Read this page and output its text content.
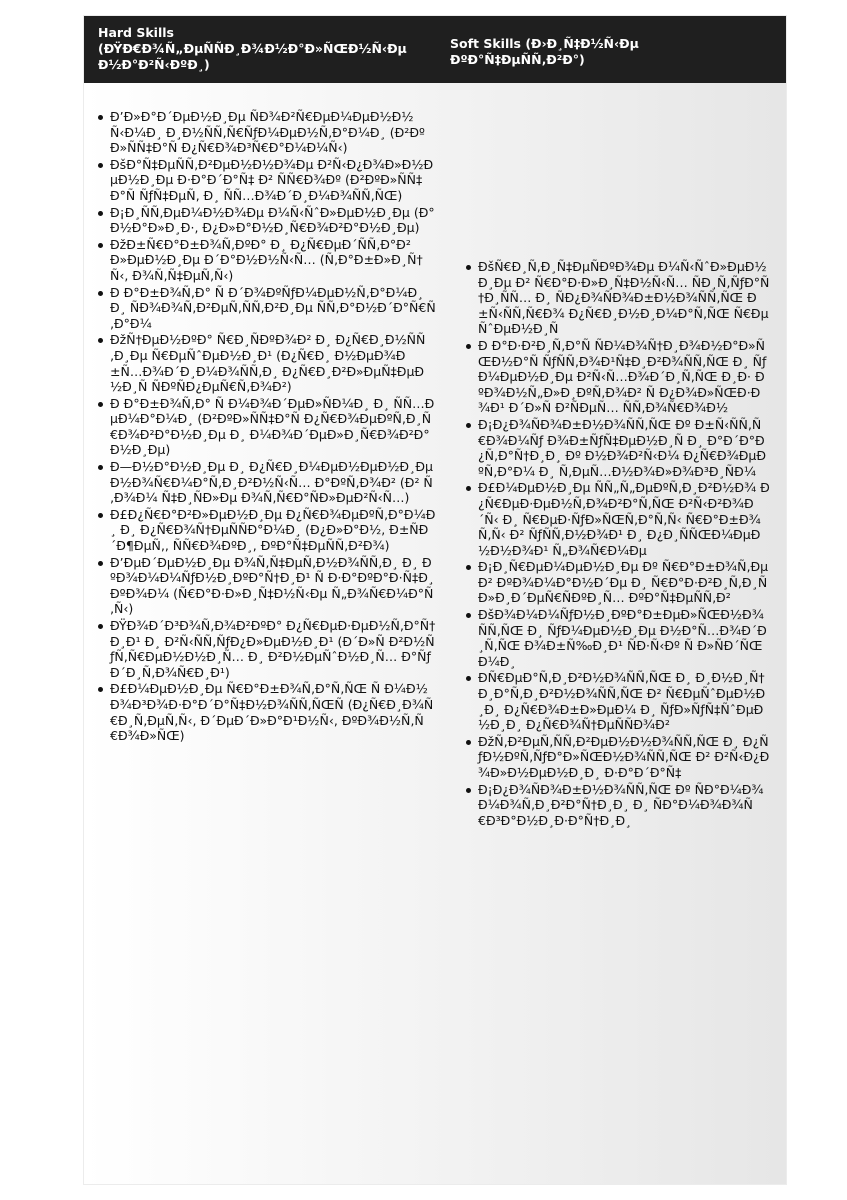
Hard Skills
(ĐŸĐ€Đ¾Ñ„ĐµÑÑĐ¸Đ¾Đ½Đ°Đ»ÑŒĐ½Ñ‹Đµ Đ½Đ°Đ²Ñ‹ĐºĐ¸)
Soft Skills (Đ›Đ¸Ñ‡Đ½Ñ‹Đµ ĐºĐ°Ñ‡ĐµÑÑ‚Đ²Đ°)
Đ’Đ»Đ°Đ´ĐµĐ½Đ¸Đµ ÑĐ¾Đ²Ñ€ĐµĐ¼ĐµĐ½Đ½Ñ‹Đ¼Đ¸ Đ¸Đ½ÑÑ‚Ñ€ÑƒĐ¼ĐµĐ½Ñ‚Đ°Đ¼Đ¸ (Đ²ĐºĐ»ÑÑ‡Đ°Ñ Đ¿Ñ€Đ¾Đ³Ñ€Đ°Đ¼Đ¼Ñ‹)
ĐšĐ°Ñ‡ĐµÑÑ‚Đ²ĐµĐ½Đ½Đ¾Đµ Đ²Ñ‹Đ¿Đ¾Đ»Đ½ĐµĐ½Đ¸Đµ Đ·Đ°Đ´Đ°Ñ‡ Đ² ÑÑ€Đ¾Đº (Đ²ĐºĐ»ÑÑ‡Đ°Ñ ÑƒÑ‡ĐµÑ‚ Đ¸ ÑÑ…Đ¾Đ´Đ¸Đ¼Đ¾ÑÑ‚ÑŒ)
Đ¡Đ¸ÑÑ‚ĐµĐ¼Đ½Đ¾Đµ Đ¼Ñ‹ÑˆĐ»ĐµĐ½Đ¸Đµ (Đ°Đ½Đ°Đ»Đ¸Đ·, Đ¿Đ»Đ°Đ½Đ¸Ñ€Đ¾Đ²Đ°Đ½Đ¸Đµ)
ĐžĐ±Ñ€Đ°Đ±Đ¾Ñ‚ĐºĐ° Đ¸ Đ¿Ñ€ĐµĐ´ÑÑ‚Đ°Đ²Đ»ĐµĐ½Đ¸Đµ Đ´Đ°Đ½Đ½Ñ‹Ñ… (Ñ‚Đ°Đ±Đ»Đ¸Ñ†Ñ‹, Đ¾Ñ‚Ñ‡ĐµÑ‚Ñ‹)
Đ Đ°Đ±Đ¾Ñ‚Đ° Ñ Đ´Đ¾ĐºÑƒĐ¼ĐµĐ½Ñ‚Đ°Đ¼Đ¸ Đ¸ ÑĐ¾Đ¾Ñ‚Đ²ĐµÑ‚ÑÑ‚Đ²Đ¸Đµ ÑÑ‚Đ°Đ½Đ´Đ°Ñ€Ñ‚Đ°Đ¼
ĐžÑ†ĐµĐ½ĐºĐ° Ñ€Đ¸ÑĐºĐ¾Đ² Đ¸ Đ¿Ñ€Đ¸Đ½ÑÑ‚Đ¸Đµ Ñ€ĐµÑˆĐµĐ½Đ¸Đ¹ (Đ¿Ñ€Đ¸ Đ½ĐµĐ¾Đ±Ñ…Đ¾Đ´Đ¸Đ¼Đ¾ÑÑ‚Đ¸ Đ¿Ñ€Đ¸Đ²Đ»ĐµÑ‡ĐµĐ½Đ¸Ñ ÑĐºÑĐ¿ĐµÑ€Ñ‚Đ¾Đ²)
Đ Đ°Đ±Đ¾Ñ‚Đ° Ñ Đ¼Đ¾Đ´ĐµĐ»ÑĐ¼Đ¸ Đ¸ ÑÑ…ĐµĐ¼Đ°Đ¼Đ¸ (Đ²ĐºĐ»ÑÑ‡Đ°Ñ Đ¿Ñ€Đ¾ĐµĐºÑ‚Đ¸Ñ€Đ¾Đ²Đ°Đ½Đ¸Đµ Đ¸ Đ¼Đ¾Đ´ĐµĐ»Đ¸Ñ€Đ¾Đ²Đ°Đ½Đ¸Đµ)
Đ—Đ½Đ°Đ½Đ¸Đµ Đ¸ Đ¿Ñ€Đ¸Đ¼ĐµĐ½ĐµĐ½Đ¸Đµ Đ½Đ¾Ñ€Đ¼Đ°Ñ‚Đ¸Đ²Đ½Ñ‹Ñ… Đ°ĐºÑ‚Đ¾Đ² (Đ² Ñ‚Đ¾Đ¼ Ñ‡Đ¸ÑĐ»Đµ Đ¾Ñ‚Ñ€Đ°ÑĐ»ĐµĐ²Ñ‹Ñ…)
Đ£Đ¿Ñ€Đ°Đ²Đ»ĐµĐ½Đ¸Đµ Đ¿Ñ€Đ¾ĐµĐºÑ‚Đ°Đ¼Đ¸ Đ¸ Đ¿Ñ€Đ¾Ñ†ĐµÑÑĐ°Đ¼Đ¸ (Đ¿Đ»Đ°Đ½, Đ±ÑĐ´Đ¶ĐµÑ‚, ÑÑ€Đ¾ĐºĐ¸, ĐºĐ°Ñ‡ĐµÑÑ‚Đ²Đ¾)
Đ’ĐµĐ´ĐµĐ½Đ¸Đµ Đ¾Ñ‚Ñ‡ĐµÑ‚Đ½Đ¾ÑÑ‚Đ¸ Đ¸ ĐºĐ¾Đ¼Đ¼ÑƒĐ½Đ¸ĐºĐ°Ñ†Đ¸Đ¹ Ñ Đ·Đ°ĐºĐ°Đ·Ñ‡Đ¸ĐºĐ¾Đ¼ (Ñ€Đ°Đ·Đ»Đ¸Ñ‡Đ½Ñ‹Đµ Ñ„Đ¾Ñ€Đ¼Đ°Ñ‚Ñ‹)
ĐŸĐ¾Đ´Đ³Đ¾Ñ‚Đ¾Đ²ĐºĐ° Đ¿Ñ€ĐµĐ·ĐµĐ½Ñ‚Đ°Ñ†Đ¸Đ¹ Đ¸ Đ²Ñ‹ÑÑ‚ÑƒĐ¿Đ»ĐµĐ½Đ¸Đ¹ (Đ´Đ»Ñ Đ²Đ½ÑƒÑ‚Ñ€ĐµĐ½Đ½Đ¸Ñ… Đ¸ Đ²Đ½ĐµÑˆĐ½Đ¸Ñ… Đ°ÑƒĐ´Đ¸Ñ‚Đ¾Ñ€Đ¸Đ¹)
Đ£Đ¼ĐµĐ½Đ¸Đµ Ñ€Đ°Đ±Đ¾Ñ‚Đ°Ñ‚ÑŒ Ñ Đ¼Đ½Đ¾Đ³Đ¾Đ·Đ°Đ´Đ°Ñ‡Đ½Đ¾ÑÑ‚ÑŒÑ (Đ¿Ñ€Đ¸Đ¾Ñ€Đ¸Ñ‚ĐµÑ‚Ñ‹, Đ´ĐµĐ´Đ»Đ°Đ¹Đ½Ñ‹, ĐºĐ¾Đ½Ñ‚Ñ€Đ¾Đ»ÑŒ)
ĐšÑ€Đ¸Ñ‚Đ¸Ñ‡ĐµÑĐºĐ¾Đµ Đ¼Ñ‹ÑˆĐ»ĐµĐ½Đ¸Đµ Đ² Ñ€Đ°Đ·Đ»Đ¸Ñ‡Đ½Ñ‹Ñ… ÑĐ¸Ñ‚ÑƒĐ°Ñ†Đ¸ÑÑ… Đ¸ ÑĐ¿Đ¾ÑĐ¾Đ±Đ½Đ¾ÑÑ‚ÑŒ Đ±Ñ‹ÑÑ‚Ñ€Đ¾ Đ¿Ñ€Đ¸Đ½Đ¸Đ¼Đ°Ñ‚ÑŒ Ñ€ĐµÑˆĐµĐ½Đ¸Ñ
Đ Đ°Đ·Đ²Đ¸Ñ‚Đ°Ñ ÑĐ¼Đ¾Ñ†Đ¸Đ¾Đ½Đ°Đ»ÑŒĐ½Đ°Ñ ÑƒÑÑ‚Đ¾Đ¹Ñ‡Đ¸Đ²Đ¾ÑÑ‚ÑŒ Đ¸ ÑƒĐ¼ĐµĐ½Đ¸Đµ Đ²Ñ‹Ñ…Đ¾Đ´Đ¸Ñ‚ÑŒ Đ¸Đ· ĐºĐ¾Đ½Ñ„Đ»Đ¸ĐºÑ‚Đ¾Đ² Ñ Đ¿Đ¾Đ»ÑŒĐ·Đ¾Đ¹ Đ´Đ»Ñ Đ²ÑĐµÑ… ÑÑ‚Đ¾Ñ€Đ¾Đ½
Đ¡Đ¿Đ¾ÑĐ¾Đ±Đ½Đ¾ÑÑ‚ÑŒ Đº Đ±Ñ‹ÑÑ‚Ñ€Đ¾Đ¼Ñƒ Đ¾Đ±ÑƒÑ‡ĐµĐ½Đ¸Ñ Đ¸ Đ°Đ´Đ°Đ¿Ñ‚Đ°Ñ†Đ¸Đ¸ Đº Đ½Đ¾Đ²Ñ‹Đ¼ Đ¿Ñ€Đ¾ĐµĐºÑ‚Đ°Đ¼ Đ¸ Ñ‚ĐµÑ…Đ½Đ¾Đ»Đ¾Đ³Đ¸ÑĐ¼
Đ£Đ¼ĐµĐ½Đ¸Đµ ÑÑ„Ñ„ĐµĐºÑ‚Đ¸Đ²Đ½Đ¾ Đ¿Ñ€ĐµĐ·ĐµĐ½Ñ‚Đ¾Đ²Đ°Ñ‚ÑŒ Đ²Ñ‹Đ²Đ¾Đ´Ñ‹ Đ¸ Ñ€ĐµĐ·ÑƒĐ»ÑŒÑ‚Đ°Ñ‚Ñ‹ Ñ€Đ°Đ±Đ¾Ñ‚Ñ‹ Đ² ÑƒÑÑ‚Đ½Đ¾Đ¹ Đ¸ Đ¿Đ¸ÑÑŒĐ¼ĐµĐ½Đ½Đ¾Đ¹ Ñ„Đ¾Ñ€Đ¼Đµ
Đ¡Đ¸Ñ€ĐµĐ¼ĐµĐ½Đ¸Đµ Đº Ñ€Đ°Đ±Đ¾Ñ‚Đµ Đ² ĐºĐ¾Đ¼Đ°Đ½Đ´Đµ Đ¸ Ñ€Đ°Đ·Đ²Đ¸Ñ‚Đ¸Ñ Đ»Đ¸Đ´ĐµÑ€ÑĐºĐ¸Ñ… ĐºĐ°Ñ‡ĐµÑÑ‚Đ²
ĐšĐ¾Đ¼Đ¼ÑƒĐ½Đ¸ĐºĐ°Đ±ĐµĐ»ÑŒĐ½Đ¾ÑÑ‚ÑŒ Đ¸ ÑƒĐ¼ĐµĐ½Đ¸Đµ Đ½Đ°Ñ…Đ¾Đ´Đ¸Ñ‚ÑŒ Đ¾Đ±Ñ‰Đ¸Đ¹ ÑĐ·Ñ‹Đº Ñ Đ»ÑĐ´ÑŒĐ¼Đ¸
ĐÑ€ĐµĐ°Ñ‚Đ¸Đ²Đ½Đ¾ÑÑ‚ÑŒ Đ¸ Đ¸Đ½Đ¸Ñ†Đ¸Đ°Ñ‚Đ¸Đ²Đ½Đ¾ÑÑ‚ÑŒ Đ² Ñ€ĐµÑˆĐµĐ½Đ¸Đ¸ Đ¿Ñ€Đ¾Đ±Đ»ĐµĐ¼ Đ¸ ÑƒĐ»ÑƒÑ‡ÑˆĐµĐ½Đ¸Đ¸ Đ¿Ñ€Đ¾Ñ†ĐµÑÑĐ¾Đ²
ĐžÑ‚Đ²ĐµÑ‚ÑÑ‚Đ²ĐµĐ½Đ½Đ¾ÑÑ‚ÑŒ Đ¸ Đ¿ÑƒĐ½ĐºÑ‚ÑƒĐ°Đ»ÑŒĐ½Đ¾ÑÑ‚ÑŒ Đ² Đ²Ñ‹Đ¿Đ¾Đ»Đ½ĐµĐ½Đ¸Đ¸ Đ·Đ°Đ´Đ°Ñ‡
Đ¡Đ¿Đ¾ÑĐ¾Đ±Đ½Đ¾ÑÑ‚ÑŒ Đº ÑĐ°Đ¼Đ¾Đ¼Đ¾Ñ‚Đ¸Đ²Đ°Ñ†Đ¸Đ¸ Đ¸ ÑĐ°Đ¼Đ¾Đ¾Ñ€Đ³Đ°Đ½Đ¸Đ·Đ°Ñ†Đ¸Đ¸
